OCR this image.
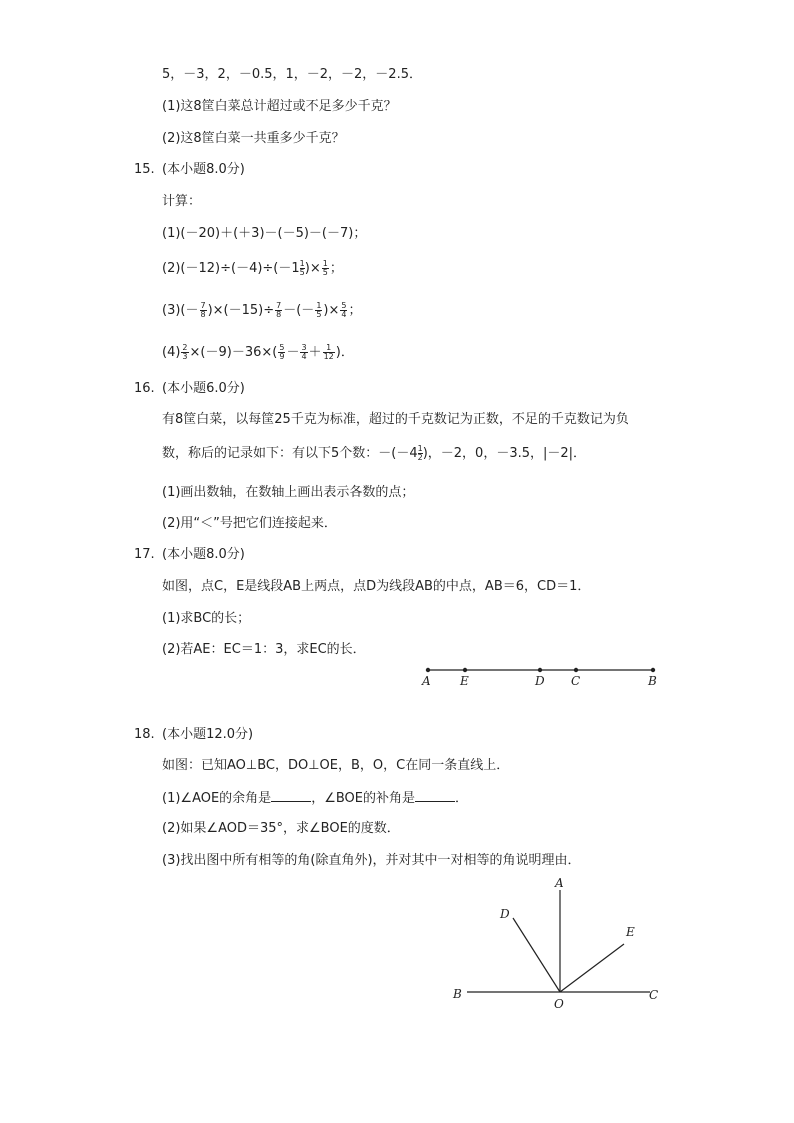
5，－3，2，－0.5，1，－2，－2，－2.5．
(1)这8筐白菜总计超过或不足多少千克？
(2)这8筐白菜一共重多少千克？
15. (本小题8.0分)
计算：
(1)(－20)＋(＋3)－(－5)－(－7)；
$(2)(-12)\div(-4)\div(-1 \frac{1}{5})\times \frac{1}{5}$ ；
$(3)(- \frac{7}{8} )\times(-15)\div \frac{7}{8}$ －(－ $\frac{1}{5}$ )× $\frac{5}{4}$ ；
$(4) \frac{2}{3} \times(-9)-36\times( \frac{5}{9} - \frac{3}{4} + \frac{1}{12}$ )．
16. (本小题6.0分)
有8筐白菜，以每筐25千克为标准，超过的千克数记为正数，不足的千克数记为负
数，称后的记录如下：有以下5个数：$-(-4 \frac{1}{2})$，－2，0，－3.5，|－2|．
(1)画出数轴，在数轴上画出表示各数的点；
(2)用“＜”号把它们连接起来．
17. (本小题8.0分)
如图，点C，E是线段AB上两点，点D为线段AB的中点，AB＝6，CD＝1．
(1)求BC的长；
(2)若AE：EC＝1：3，求EC的长．
A E	D C	B
18. (本小题12.0分)
如图：已知AO⊥BC，DO⊥OE，B，O，C在同一条直线上．
(1)∠AOE的余角是	，∠BOE的补角是	．
(2)如果∠AOD＝35°，求∠BOE的度数．
(3)找出图中所有相等的角(除直角外)，并对其中一对相等的角说明理由．
A
D
E
B
O
C
